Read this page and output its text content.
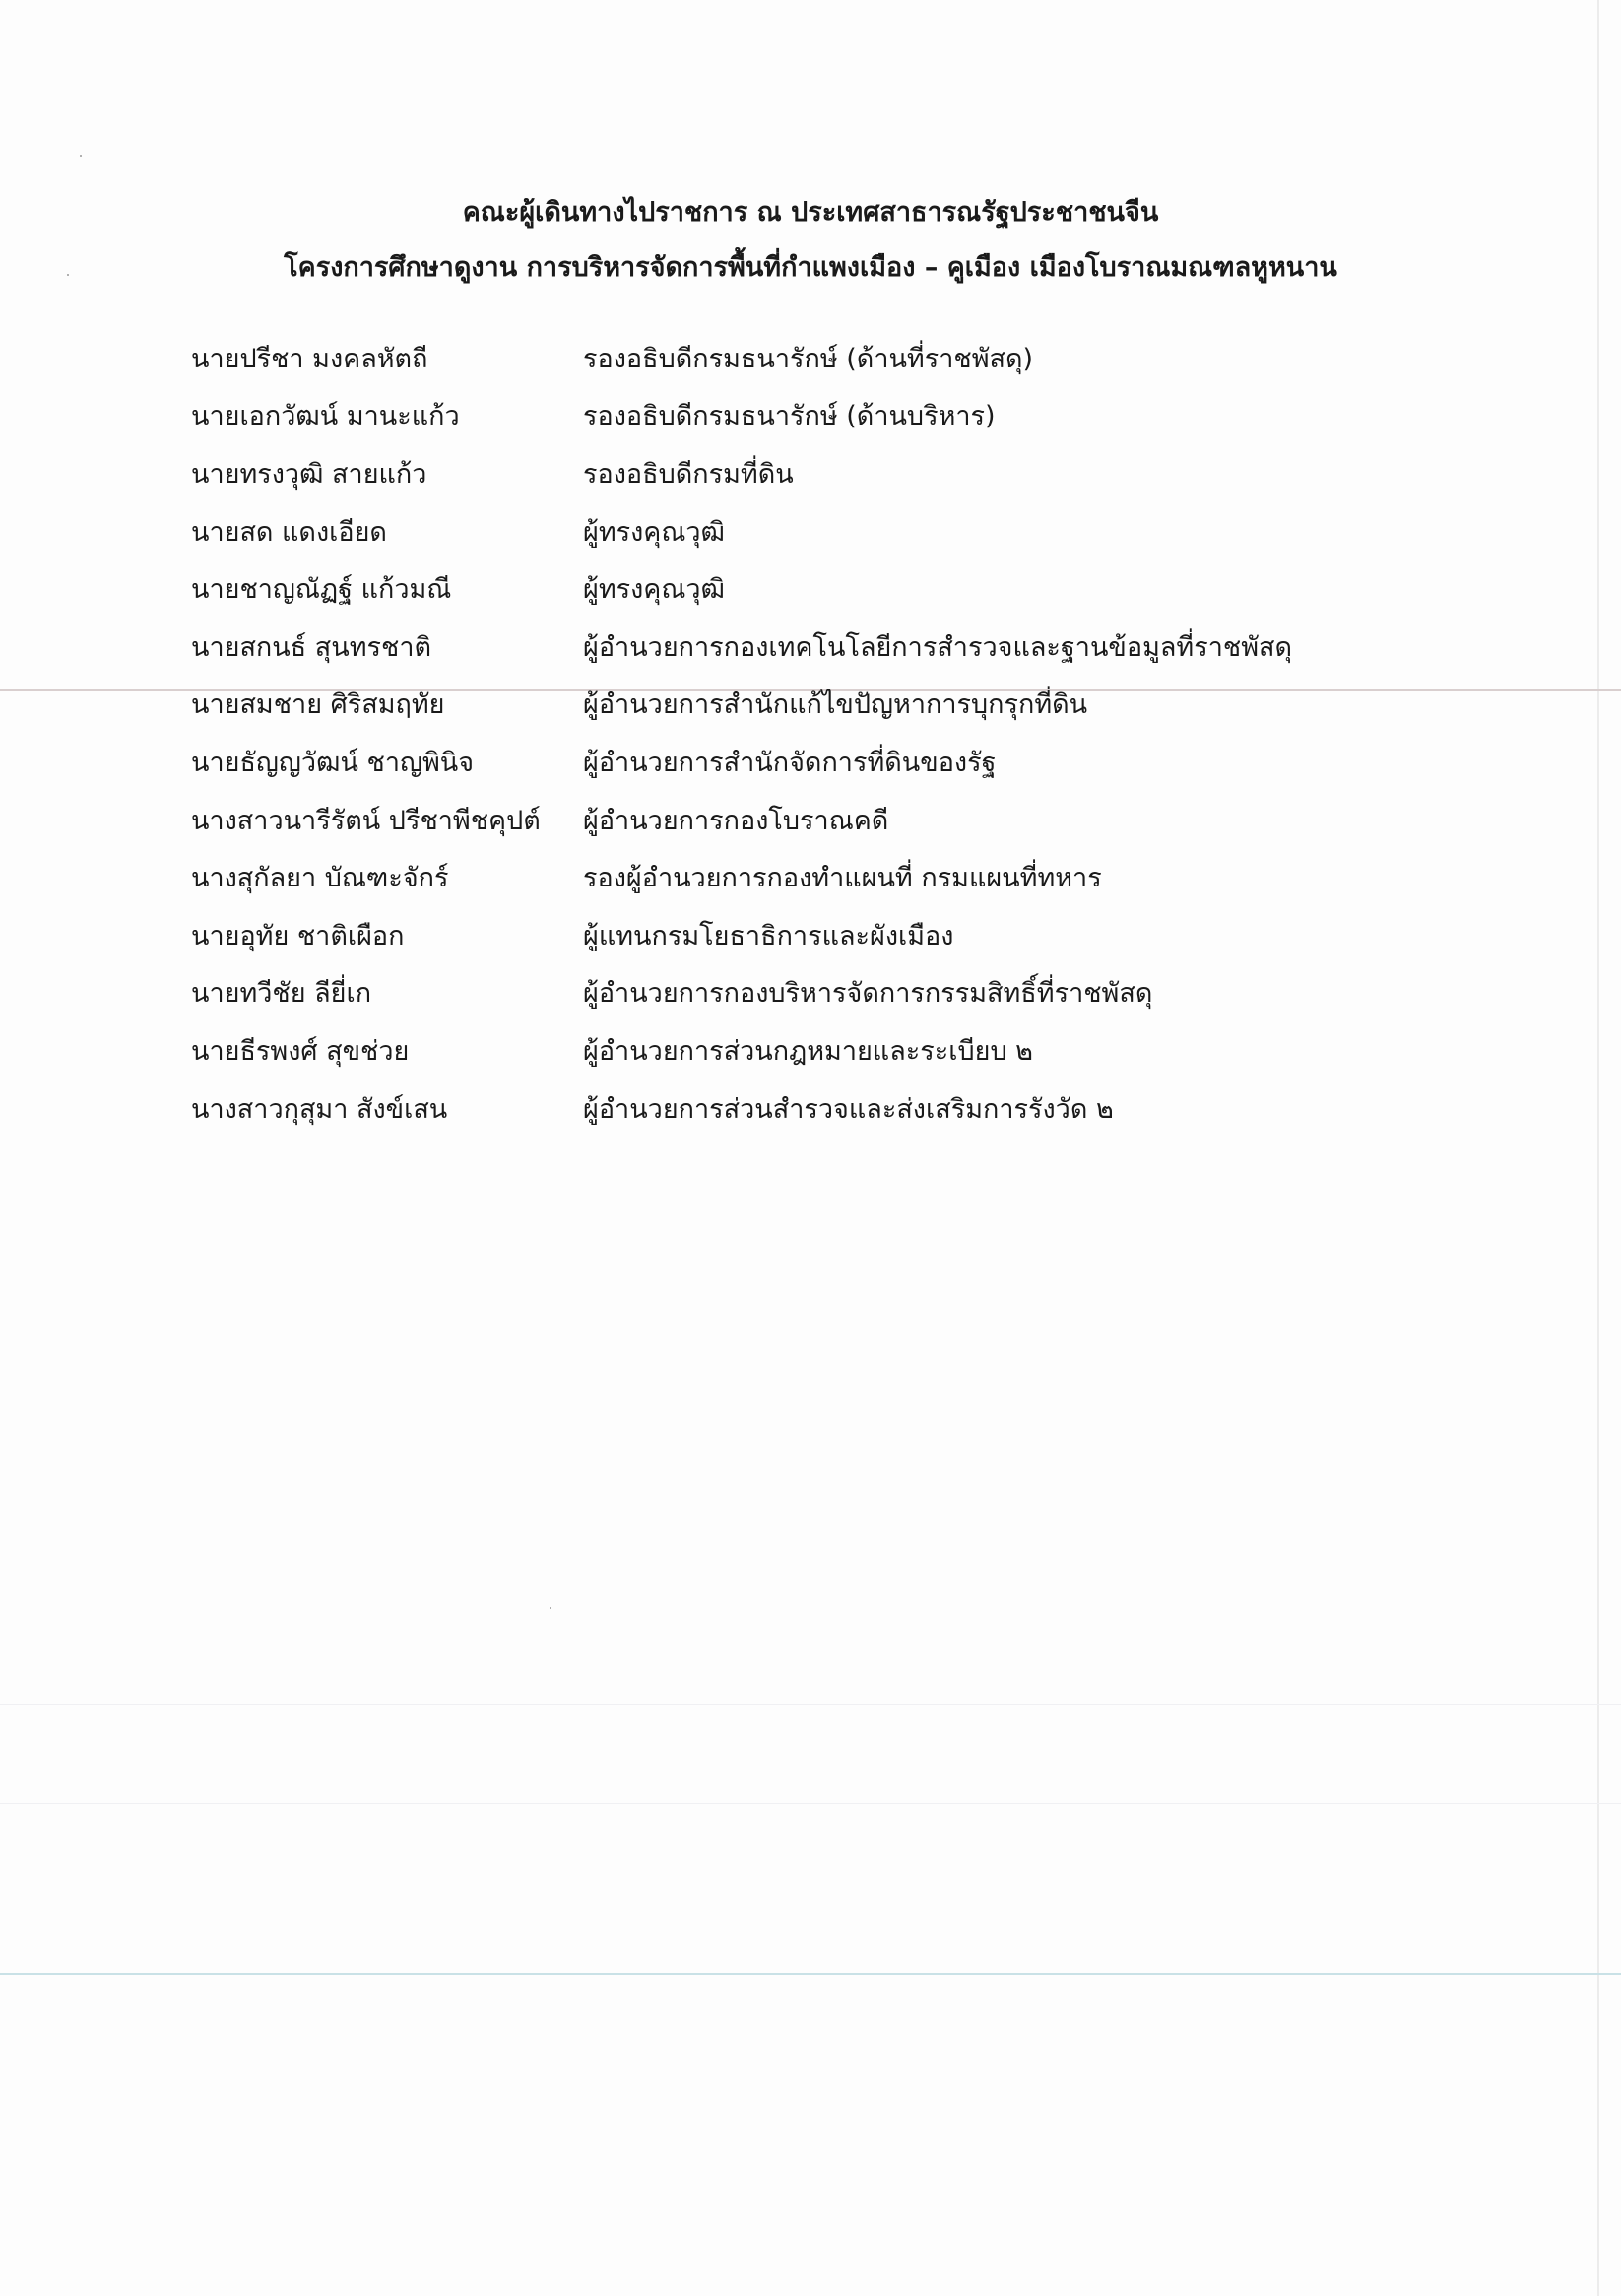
คณะผู้เดินทางไปราชการ ณ ประเทศสาธารณรัฐประชาชนจีน
โครงการศึกษาดูงาน การบริหารจัดการพื้นที่กำแพงเมือง – คูเมือง เมืองโบราณมณฑลหูหนาน
นายปรีชา มงคลหัตถี	รองอธิบดีกรมธนารักษ์ (ด้านที่ราชพัสดุ)
นายเอกวัฒน์ มานะแก้ว	รองอธิบดีกรมธนารักษ์ (ด้านบริหาร)
นายทรงวุฒิ สายแก้ว	รองอธิบดีกรมที่ดิน
นายสด แดงเอียด	ผู้ทรงคุณวุฒิ
นายชาญณัฏฐ์ แก้วมณี	ผู้ทรงคุณวุฒิ
นายสกนธ์ สุนทรชาติ	ผู้อำนวยการกองเทคโนโลยีการสำรวจและฐานข้อมูลที่ราชพัสดุ
นายสมชาย ศิริสมฤทัย	ผู้อำนวยการสำนักแก้ไขปัญหาการบุกรุกที่ดิน
นายธัญญวัฒน์ ชาญพินิจ	ผู้อำนวยการสำนักจัดการที่ดินของรัฐ
นางสาวนารีรัตน์ ปรีชาพีชคุปต์	ผู้อำนวยการกองโบราณคดี
นางสุกัลยา บัณฑะจักร์	รองผู้อำนวยการกองทำแผนที่ กรมแผนที่ทหาร
นายอุทัย ชาติเผือก	ผู้แทนกรมโยธาธิการและผังเมือง
นายทวีชัย ลียี่เก	ผู้อำนวยการกองบริหารจัดการกรรมสิทธิ์ที่ราชพัสดุ
นายธีรพงศ์ สุขช่วย	ผู้อำนวยการส่วนกฎหมายและระเบียบ ๒
นางสาวกุสุมา สังข์เสน	ผู้อำนวยการส่วนสำรวจและส่งเสริมการรังวัด ๒
